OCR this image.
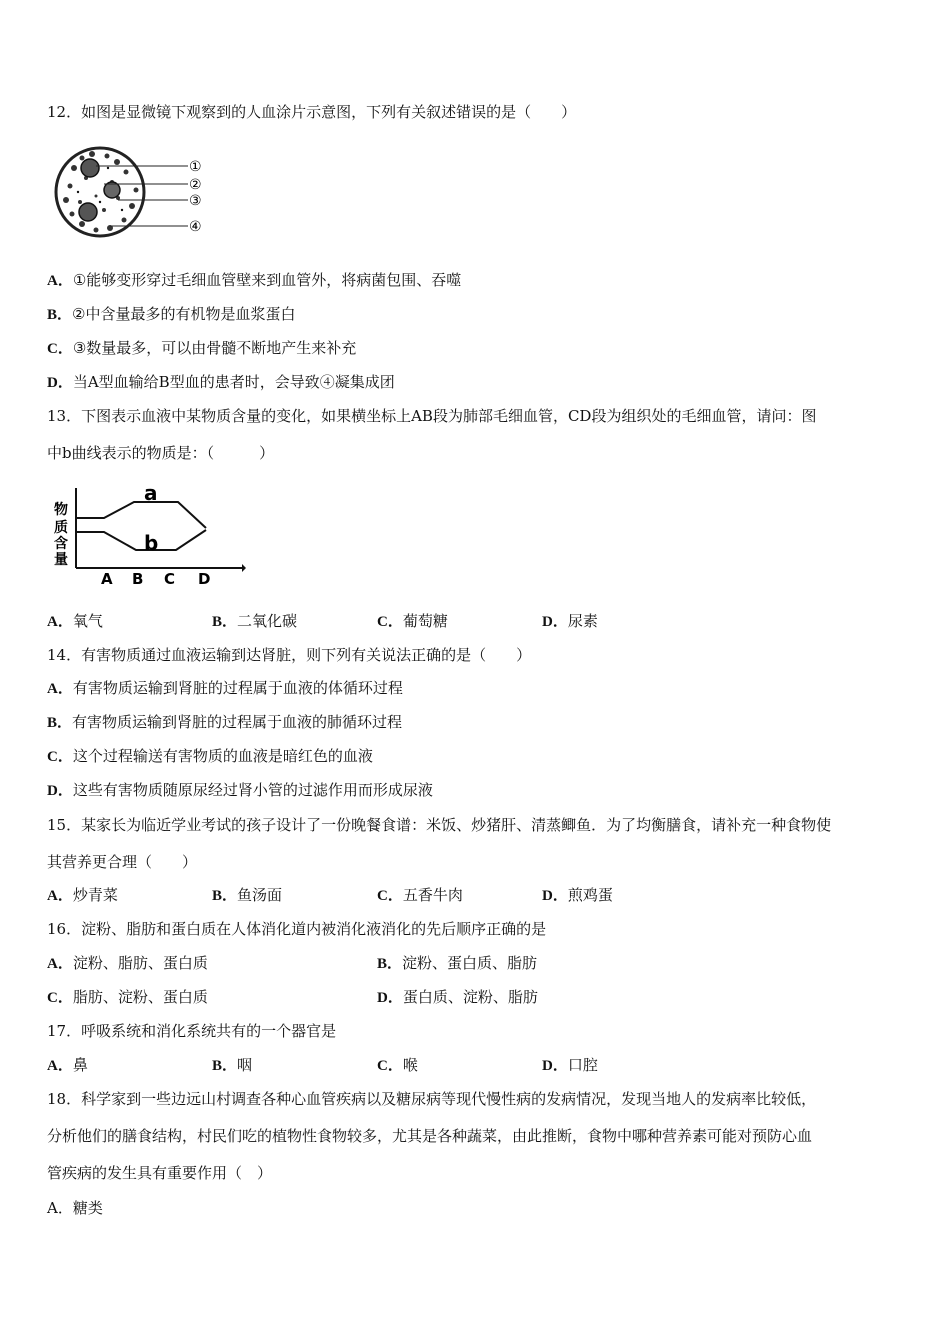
12．如图是显微镜下观察到的人血涂片示意图，下列有关叙述错误的是（　　）
①
②
③
④
A．①能够变形穿过毛细血管壁来到血管外，将病菌包围、吞噬
B．②中含量最多的有机物是血浆蛋白
C．③数量最多，可以由骨髓不断地产生来补充
D．当A型血输给B型血的患者时，会导致④凝集成团
13．下图表示血液中某物质含量的变化，如果横坐标上AB段为肺部毛细血管，CD段为组织处的毛细血管，请问：图
中b曲线表示的物质是：（　　　）
物
质
含
量
a
b
A B C D
A．氧气	B．二氧化碳	C．葡萄糖	D．尿素
14．有害物质通过血液运输到达肾脏，则下列有关说法正确的是（　　）
A．有害物质运输到肾脏的过程属于血液的体循环过程
B．有害物质运输到肾脏的过程属于血液的肺循环过程
C．这个过程输送有害物质的血液是暗红色的血液
D．这些有害物质随原尿经过肾小管的过滤作用而形成尿液
15．某家长为临近学业考试的孩子设计了一份晚餐食谱：米饭、炒猪肝、清蒸鲫鱼．为了均衡膳食，请补充一种食物使
其营养更合理（　　）
A．炒青菜	B．鱼汤面	C．五香牛肉	D．煎鸡蛋
16．淀粉、脂肪和蛋白质在人体消化道内被消化液消化的先后顺序正确的是
A．淀粉、脂肪、蛋白质	B．淀粉、蛋白质、脂肪
C．脂肪、淀粉、蛋白质	D．蛋白质、淀粉、脂肪
17．呼吸系统和消化系统共有的一个器官是
A．鼻	B．咽	C．喉	D．口腔
18．科学家到一些边远山村调查各种心血管疾病以及糖尿病等现代慢性病的发病情况，发现当地人的发病率比较低，
分析他们的膳食结构，村民们吃的植物性食物较多，尤其是各种蔬菜，由此推断，食物中哪种营养素可能对预防心血
管疾病的发生具有重要作用（　）
A．糖类
